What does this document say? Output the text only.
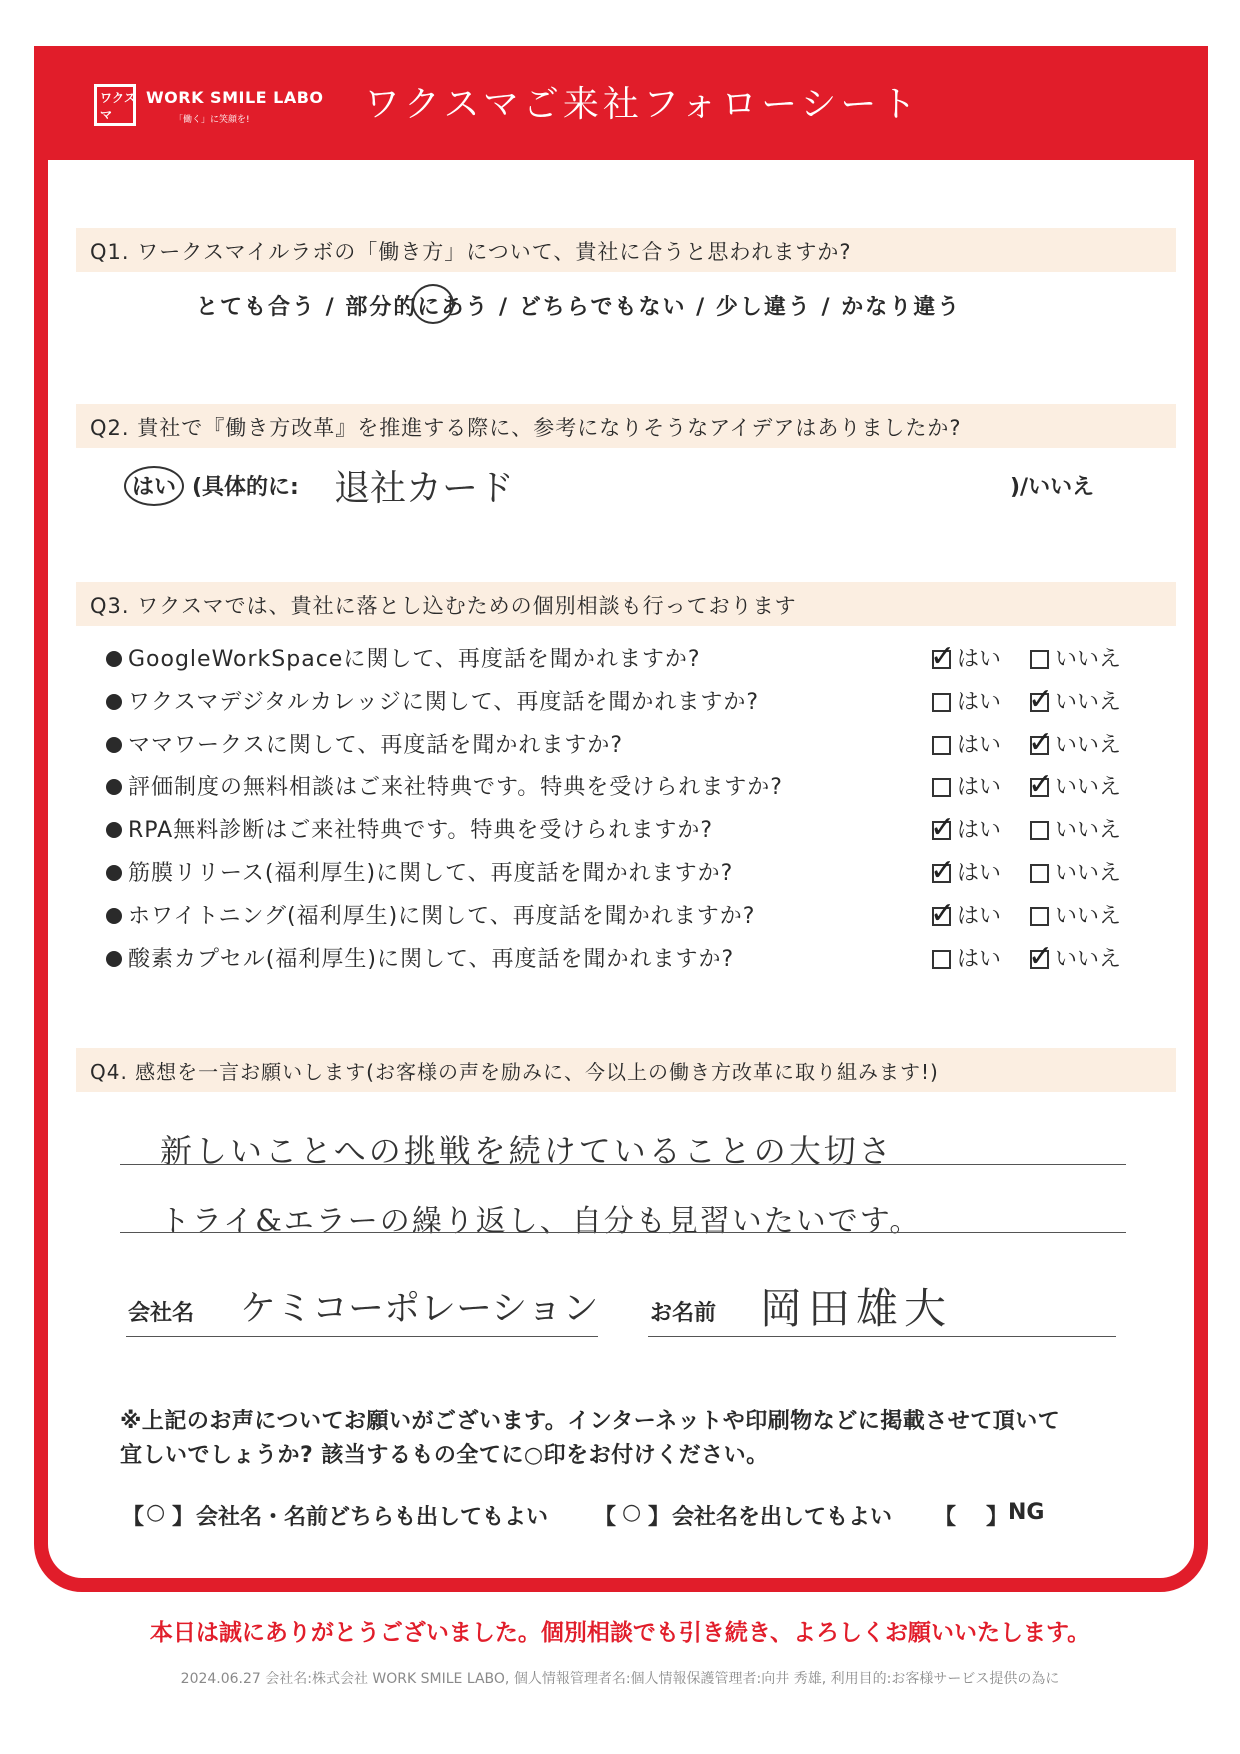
ワクスマ
WORK SMILE LABO
「働く」に笑顔を!	ワクスマご来社フォローシート
Q1. ワークスマイルラボの「働き方」について、貴社に合うと思われますか?
とても合う / 部分的にあう / どちらでもない / 少し違う / かなり違う
Q2. 貴社で『働き方改革』を推進する際に、参考になりそうなアイデアはありましたか?
はい (具体的に: 退社カード	)/いいえ
Q3. ワクスマでは、貴社に落とし込むための個別相談も行っております
GoogleWorkSpaceに関して、再度話を聞かれますか?	✓ はい	いいえ
ワクスマデジタルカレッジに関して、再度話を聞かれますか?	はい ✓ いいえ
ママワークスに関して、再度話を聞かれますか?	はい ✓ いいえ
評価制度の無料相談はご来社特典です。特典を受けられますか?	はい ✓ いいえ
RPA無料診断はご来社特典です。特典を受けられますか?	✓ はい	いいえ
筋膜リリース(福利厚生)に関して、再度話を聞かれますか?	✓ はい	いいえ
ホワイトニング(福利厚生)に関して、再度話を聞かれますか?	✓ はい	いいえ
酸素カプセル(福利厚生)に関して、再度話を聞かれますか?	はい ✓ いいえ
Q4. 感想を一言お願いします(お客様の声を励みに、今以上の働き方改革に取り組みます!)
新しいことへの挑戦を続けていることの大切さ
トライ&エラーの繰り返し、自分も見習いたいです。
会社名 ケミコーポレーション お名前 岡田雄大
※上記のお声についてお願いがございます。インターネットや印刷物などに掲載させて頂いて
宜しいでしょうか? 該当するもの全てに○印をお付けください。
【 ○ 】 会社名・名前どちらも出してもよい 【 ○ 】 会社名を出してもよい 【 】 NG
本日は誠にありがとうございました。個別相談でも引き続き、よろしくお願いいたします。
2024.06.27 会社名:株式会社 WORK SMILE LABO, 個人情報管理者名:個人情報保護管理者:向井 秀雄, 利用目的:お客様サービス提供の為に
